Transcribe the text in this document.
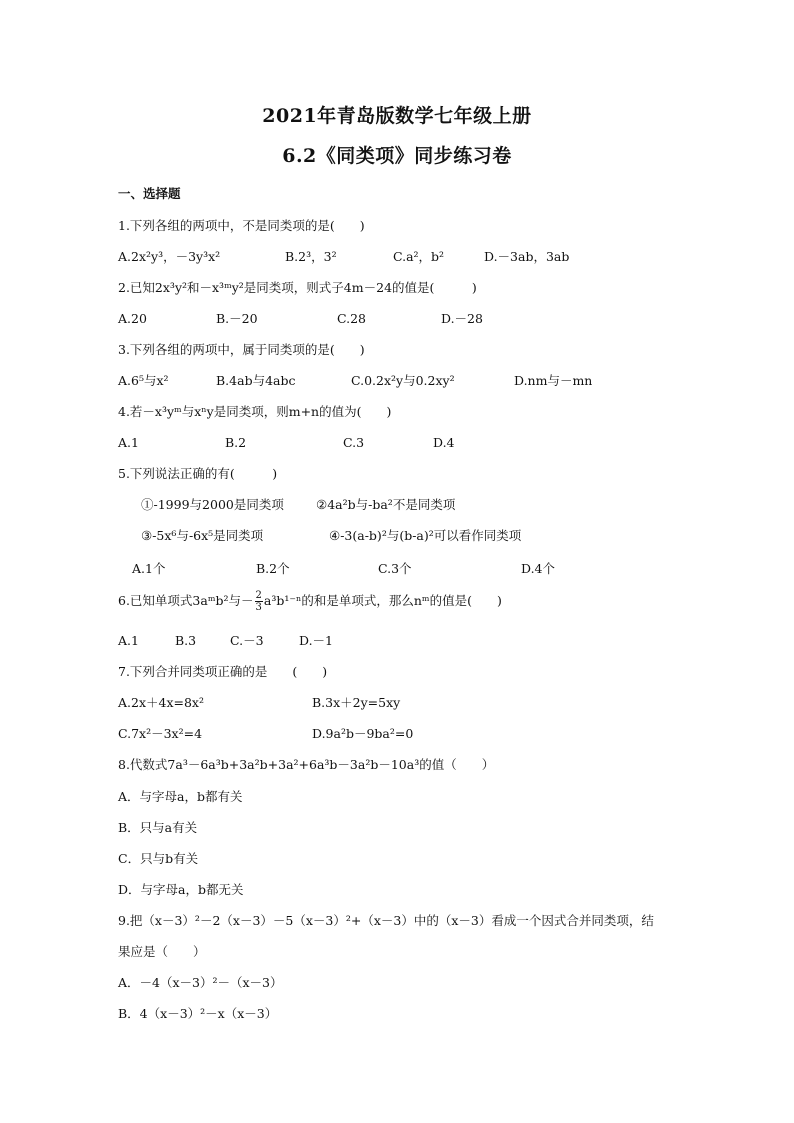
2021年青岛版数学七年级上册
6.2《同类项》同步练习卷
一、选择题
1.下列各组的两项中，不是同类项的是(　　)
A.2x²y³，－3y³x²	B.2³，3²	C.a²，b²	D.－3ab，3ab
2.已知2x³y²和－x³ᵐy²是同类项，则式子4m－24的值是(　　　)
A.20	B.－20	C.28	D.－28
3.下列各组的两项中，属于同类项的是(　　)
A.6⁵与x²	B.4ab与4abc	C.0.2x²y与0.2xy²	D.nm与－mn
4.若－x³yᵐ与xⁿy是同类项，则m+n的值为(　　)
A.1	B.2	C.3	D.4
5.下列说法正确的有(　　　)
①-1999与2000是同类项	②4a²b与-ba²不是同类项
③-5x⁶与-6x⁵是同类项	④-3(a-b)²与(b-a)²可以看作同类项
A.1个	B.2个	C.3个	D.4个
6.已知单项式3aᵐb²与－ $\frac{2}{3} a^3b^{1-n}$的和是单项式，那么nᵐ的值是(　　)
A.1	B.3	C.－3	D.－1
7.下列合并同类项正确的是　　(　　)
A.2x＋4x=8x²	B.3x＋2y=5xy
C.7x²－3x²=4	D.9a²b－9ba²=0
8.代数式7a³－6a³b+3a²b+3a²+6a³b－3a²b－10a³的值（　　）
A．与字母a，b都有关
B．只与a有关
C．只与b有关
D．与字母a，b都无关
9.把（x－3）²－2（x－3）－5（x－3）²+（x－3）中的（x－3）看成一个因式合并同类项，结
果应是（　　）
A．－4（x－3）²－（x－3）
B．4（x－3）²－x（x－3）
